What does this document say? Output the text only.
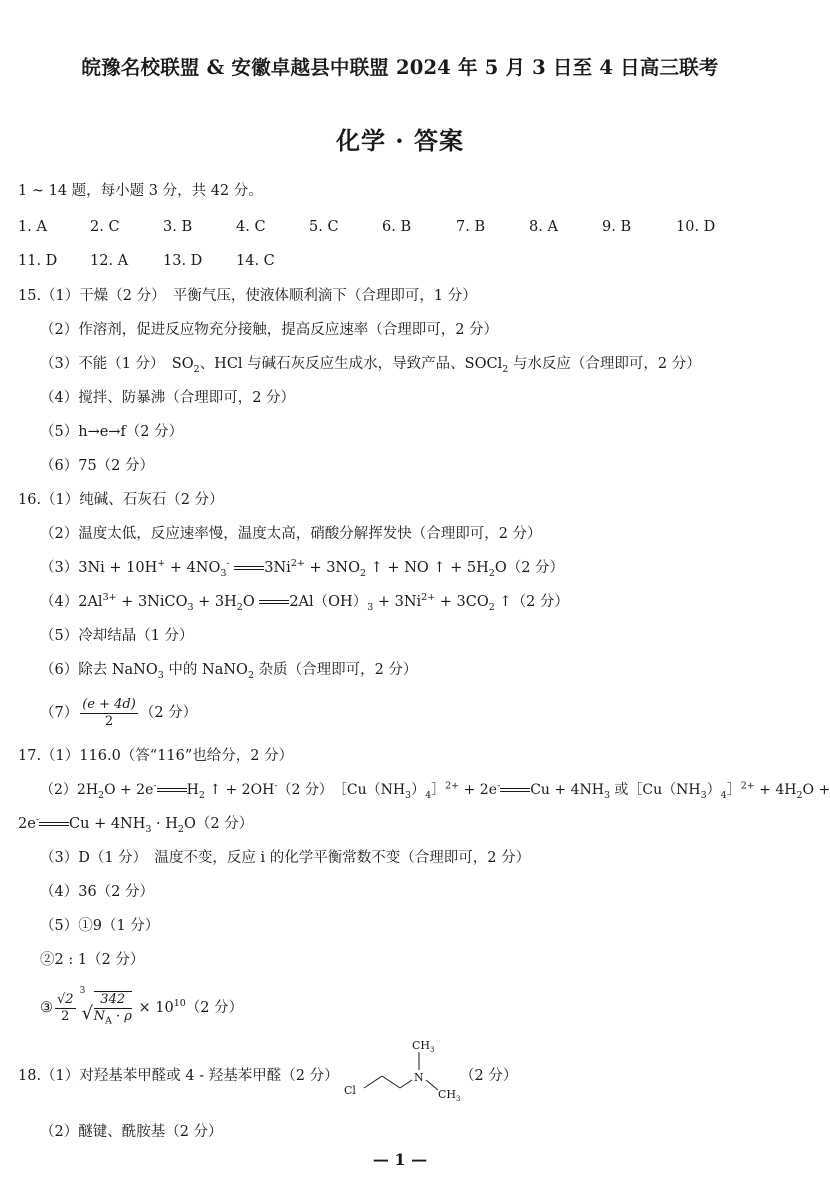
皖豫名校联盟 & 安徽卓越县中联盟 2024 年 5 月 3 日至 4 日高三联考
化学 · 答案
1 ~ 14 题，每小题 3 分，共 42 分。
1. A	2. C	3. B	4. C	5. C	6. B	7. B	8. A	9. B	10. D
11. D 12. A 13. D 14. C
15.（1）干燥（2 分）　平衡气压，使液体顺利滴下（合理即可，1 分）
（2）作溶剂，促进反应物充分接触，提高反应速率（合理即可，2 分）
（3）不能（1 分）　$SO_2$、HCl 与碱石灰反应生成水，导致产品、SOCl$_2$ 与水反应（合理即可，2 分）
（4）搅拌、防暴沸（合理即可，2 分）
（5）h→e→f（2 分）
（6）75（2 分）
16.（1）纯碱、石灰石（2 分）
（2）温度太低，反应速率慢，温度太高，硝酸分解挥发快（合理即可，2 分）
$(3)3Ni + 10H^+ + 4NO_3^-$ $3Ni^{2+} + 3NO_2$ ↑ + NO ↑ + $5H_2O(2$ 分）
$(4)2Al^{3+}$ + 3NiCO$_3$ + $3H_2O$ $2Al(OH)_3 + 3Ni^{2+} + 3CO_2$ ↑（2 分）
（5）冷却结晶（1 分）
（6）除去 NaNO$_3$ 中的 NaNO$_2$ 杂质（合理即可，2 分）
$(7) \frac{(e + 4d)}{2} (2$ 分）
17.（1）116.0（答“116”也给分，2 分）
$(2)2H_2O + 2e^-$ $H_2$ ↑ + 2OH-（2 分）　$[Cu(NH_3)_4]^{2+} + 2e^-$ $Cu + 4NH_3$ 或$[Cu(NH_3)_4]^{2+} + 4H_2O$ +
2e- $Cu + 4NH_3 \cdot H_2O(2$ 分）
（3）D（1 分）　温度不变，反应 i 的化学平衡常数不变（合理即可，2 分）
（4）36（2 分）
（5）①9（1 分）
②2 : 1（2 分）
③ $\frac{√2}{2}$
3
√ $\frac{342}{N_A \cdot \rho} \times 10^{10}(2$ 分）
18.（1）对羟基苯甲醛或 4 - 羟基苯甲醛（2 分）
Cl
N
$CH_3$
$CH_3$
（2 分）
（2）醚键、酰胺基（2 分）
— 1 —
